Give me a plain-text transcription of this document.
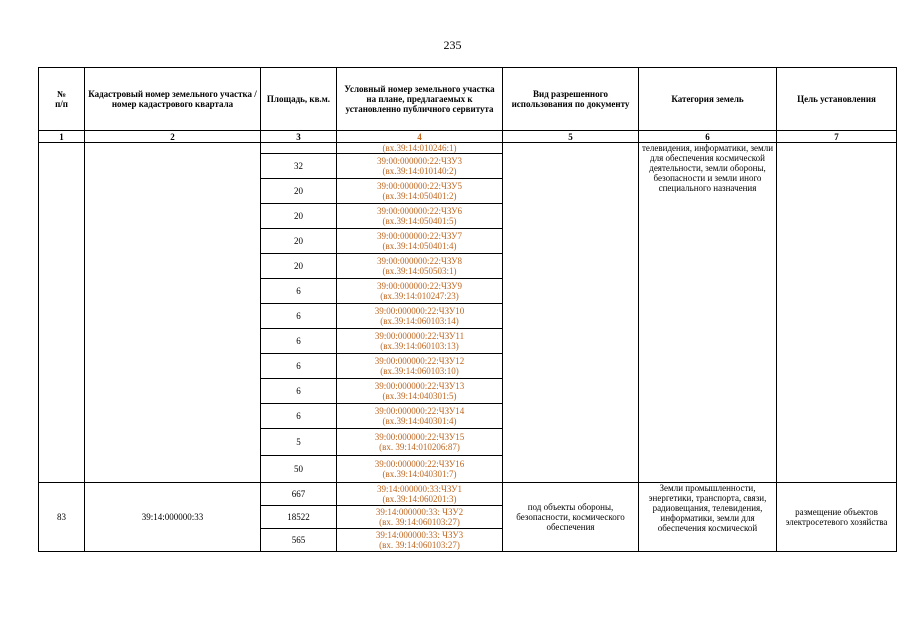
235
№
п/п	Кадастровый номер земельного участка /номер кадастрового квартала	Площадь, кв.м.	Условный номер земельного участка на плане, предлагаемых к установленно публичного сервитута	Вид разрешенного использования по документу	Категория земель	Цель установления
1	2	3	4	5	6	7
			(вх.39:14:010246:1)		телевидения, информатики, земли для обеспечения космической деятельности, земли обороны, безопасности и земли иного специального назначения	
		32	39:00:000000:22:ЧЗУ3
(вх.39:14:010140:2)			

		20	39:00:000000:22:ЧЗУ5
(вх.39:14:050401:2)			

		20	39:00:000000:22:ЧЗУ6
(вх.39:14:050401:5)			

		20	39:00:000000:22:ЧЗУ7
(вх.39:14:050401:4)			

		20	39:00:000000:22:ЧЗУ8
(вх.39:14:050503:1)			

		6	39:00:000000:22:ЧЗУ9
(вх.39:14:010247:23)			

		6	39:00:000000:22:ЧЗУ10
(вх.39:14:060103:14)			

		6	39:00:000000:22:ЧЗУ11
(вх.39:14:060103:13)			

		6	39:00:000000:22:ЧЗУ12
(вх.39:14:060103:10)			

		6	39:00:000000:22:ЧЗУ13
(вх.39:14:040301:5)			

		6	39:00:000000:22:ЧЗУ14
(вх.39:14:040301:4)			

		5	39:00:000000:22:ЧЗУ15
(вх. 39:14:010206:87)			

		50	39:00:000000:22:ЧЗУ16
(вх.39:14:040301:7)			

83	39:14:000000:33	667	39:14:000000:33:ЧЗУ1
(вх.39:14:060201:3)	под объекты обороны, безопасности, космического обеспечения	Земли промышленности, энергетики, транспорта, связи, радиовещания, телевидения, информатики, земли для обеспечения космической	размещение объектов электросетевого хозяйства
		18522	39:14:000000:33: ЧЗУ2
(вх. 39:14:060103:27)			

		565	39:14:000000:33: ЧЗУ3
(вх. 39:14:060103:27)			
